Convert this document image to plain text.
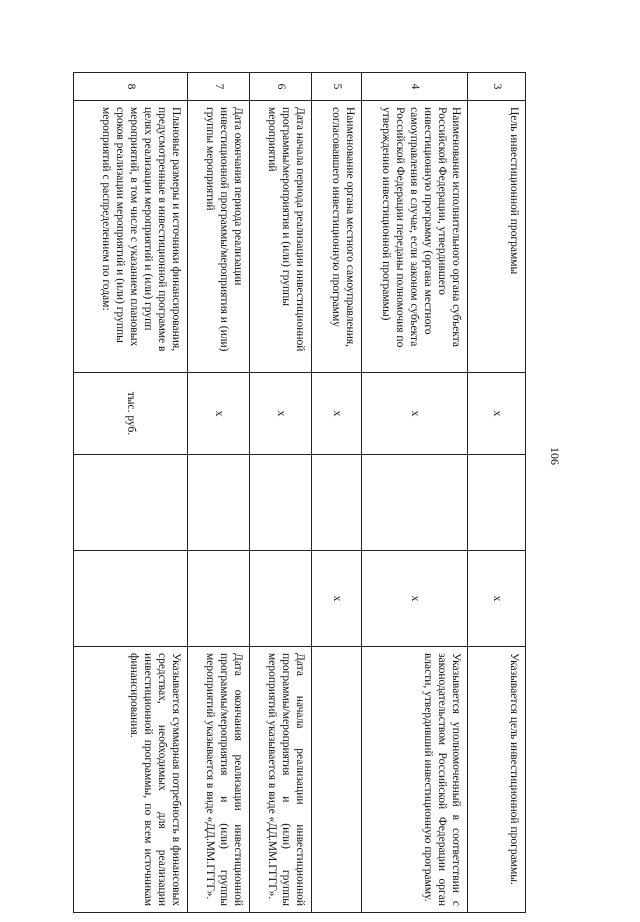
106
3	Цель инвестиционной программы	х		х	Указывается цель инвестиционной программы.
4	Наименование исполнительного органа субъекта Российской Федерации, утвердившего инвестиционную программу (органа местного самоуправления в случае, если законом субъекта Российской Федерации переданы полномочия по утверждению инвестиционной программы)	х		х	Указывается уполномоченный в соответствии с законодательством Российской Федерации орган власти, утвердивший инвестиционную программу.
5	Наименование органа местного самоуправления, согласовавшего инвестиционную программу	х		х	
6	Дата начала периода реализации инвестиционной программы/мероприятия и (или) группы мероприятий	х			Дата начала реализации инвестиционной программы/мероприятия и (или) группы мероприятий указывается в виде «ДД.ММ.ГГГГ».
7	Дата окончания периода реализации инвестиционной программы/мероприятия и (или) группы мероприятий	х			Дата окончания реализации инвестиционной программы/мероприятия и (или) группы мероприятий указывается в виде «ДД.ММ.ГГГГ».
8	Плановые размеры и источники финансирования, предусмотренные в инвестиционной программе в целях реализации мероприятий и (или) групп мероприятий, в том числе с указанием плановых сроков реализации мероприятий и (или) группы мероприятий с распределением по годам:	тыс. руб.			Указывается суммарная потребность в финансовых средствах, необходимых для реализации инвестиционной программы, по всем источникам финансирования.
